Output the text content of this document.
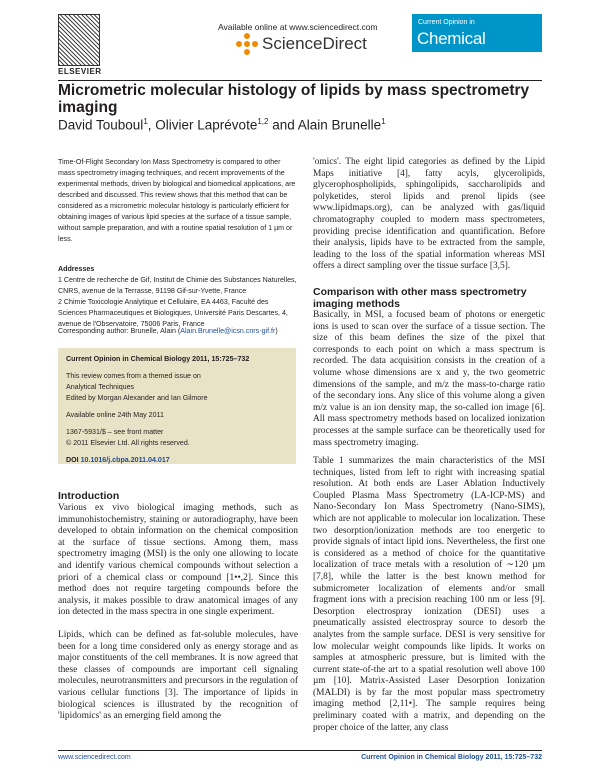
ELSEVIER
Available online at www.sciencedirect.com
ScienceDirect
Current Opinion in
Chemical Biology
Micrometric molecular histology of lipids by mass spectrometry imaging
David Touboul$^1$, Olivier Laprévote$^{1,2}$ and Alain Brunelle$^1$
Time-Of-Flight Secondary Ion Mass Spectrometry is compared to other mass spectrometry imaging techniques, and recent improvements of the experimental methods, driven by biological and biomedical applications, are described and discussed. This review shows that this method that can be considered as a micrometric molecular histology is particularly efficient for obtaining images of various lipid species at the surface of a tissue sample, without sample preparation, and with a routine spatial resolution of 1 µm or less.
Addresses
1 Centre de recherche de Gif, Institut de Chimie des Substances Naturelles, CNRS, avenue de la Terrasse, 91198 Gif-sur-Yvette, France
2 Chimie Toxicologie Analytique et Cellulaire, EA 4463, Faculté des Sciences Pharmaceutiques et Biologiques, Université Paris Descartes, 4, avenue de l'Observatoire, 75006 Paris, France
Corresponding author: Brunelle, Alain (Alain.Brunelle@icsn.cnrs-gif.fr)

Current Opinion in Chemical Biology 2011, 15:725–732

This review comes from a themed issue on

Analytical Techniques

Edited by Morgan Alexander and Ian Gilmore

Available online 24th May 2011

1367-5931/$ – see front matter

© 2011 Elsevier Ltd. All rights reserved.

DOI 10.1016/j.cbpa.2011.04.017

Introduction

Various ex vivo biological imaging methods, such as immunohistochemistry, staining or autoradiography, have been developed to obtain information on the chemical composition at the surface of tissue sections. Among them, mass spectrometry imaging (MSI) is the only one allowing to locate and identify various chemical compounds without selection a priori of a chemical class or compound [1••,2]. Since this method does not require targeting compounds before the analysis, it makes possible to draw anatomical images of any ion detected in the mass spectra in one single experiment.

Lipids, which can be defined as fat-soluble molecules, have been for a long time considered only as energy storage and as major constituents of the cell membranes. It is now agreed that these classes of compounds are important cell signaling molecules, neurotransmitters and precursors in the regulation of various cellular functions [3]. The importance of lipids in biological sciences is illustrated by the recognition of 'lipidomics' as an emerging field among the

'omics'. The eight lipid categories as defined by the Lipid Maps initiative [4], fatty acyls, glycerolipids, glycerophospholipids, sphingolipids, saccharolipids and polyketides, sterol lipids and prenol lipids (see www.lipidmaps.org), can be analyzed with gas/liquid chromatography coupled to modern mass spectrometers, providing precise identification and quantification. Before their analysis, lipids have to be extracted from the sample, leading to the loss of the spatial information whereas MSI offers a direct sampling over the tissue surface [3,5].

Comparison with other mass spectrometry imaging methods

Basically, in MSI, a focused beam of photons or energetic ions is used to scan over the surface of a tissue section. The size of this beam defines the size of the pixel that corresponds to each point on which a mass spectrum is recorded. The data acquisition consists in the creation of a volume whose dimensions are x and y, the two geometric dimensions of the sample, and m/z the mass-to-charge ratio of the secondary ions. Any slice of this volume along a given m/z value is an ion density map, the so-called ion image [6]. All mass spectrometry methods based on localized ionization processes at the sample surface can be theoretically used for mass spectrometry imaging.

Table 1 summarizes the main characteristics of the MSI techniques, listed from left to right with increasing spatial resolution. At both ends are Laser Ablation Inductively Coupled Plasma Mass Spectrometry (LA-ICP-MS) and Nano-Secondary Ion Mass Spectrometry (Nano-SIMS), which are not applicable to molecular ion localization. These two desorption/ionization methods are too energetic to provide signals of intact lipid ions. Nevertheless, the first one is considered as a method of choice for the quantitative localization of trace metals with a resolution of ∼120 µm [7,8], while the latter is the best known method for submicrometer localization of elements and/or small fragment ions with a precision reaching 100 nm or less [9]. Desorption electrospray ionization (DESI) uses a pneumatically assisted electrospray source to desorb the analytes from the sample surface. DESI is very sensitive for low molecular weight compounds like lipids. It works on samples at atmospheric pressure, but is limited with the current state-of-the art to a spatial resolution well above 100 µm [10]. Matrix-Assisted Laser Desorption Ionization (MALDI) is by far the most popular mass spectrometry imaging method [2,11•]. The sample requires being preliminary coated with a matrix, and depending on the proper choice of the latter, any class

www.sciencedirect.com	Current Opinion in Chemical Biology 2011, 15:725–732
